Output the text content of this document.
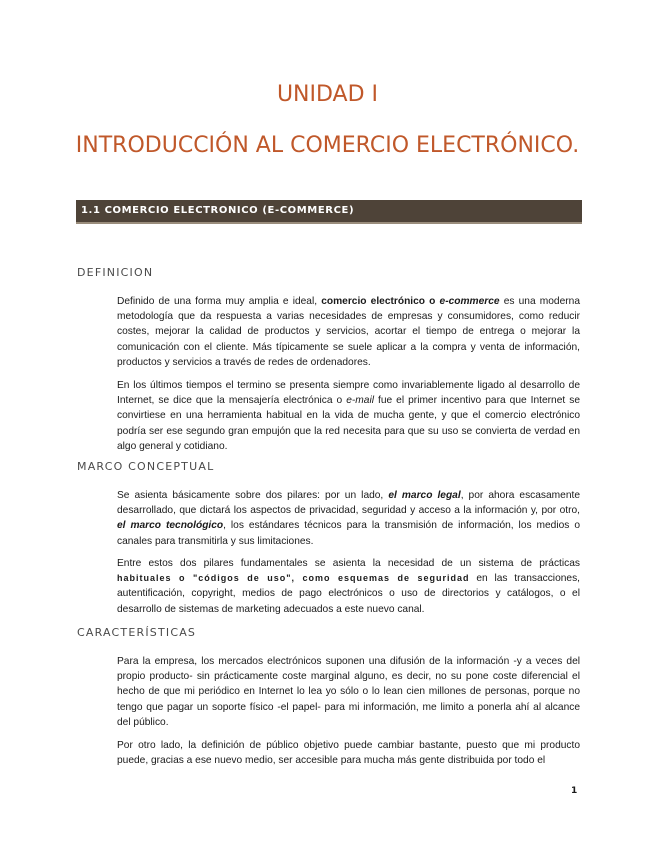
UNIDAD I
INTRODUCCIÓN AL COMERCIO ELECTRÓNICO.
1.1 COMERCIO ELECTRONICO (E-COMMERCE)
DEFINICION

Definido de una forma muy amplia e ideal, comercio electrónico o e-commerce es una moderna metodología que da respuesta a varias necesidades de empresas y consumidores, como reducir costes, mejorar la calidad de productos y servicios, acortar el tiempo de entrega o mejorar la comunicación con el cliente. Más típicamente se suele aplicar a la compra y venta de información, productos y servicios a través de redes de ordenadores.

En los últimos tiempos el termino se presenta siempre como invariablemente ligado al desarrollo de Internet, se dice que la mensajería electrónica o e-mail fue el primer incentivo para que Internet se convirtiese en una herramienta habitual en la vida de mucha gente, y que el comercio electrónico podría ser ese segundo gran empujón que la red necesita para que su uso se convierta de verdad en algo general y cotidiano.

MARCO CONCEPTUAL

Se asienta básicamente sobre dos pilares: por un lado, el marco legal, por ahora escasamente desarrollado, que dictará los aspectos de privacidad, seguridad y acceso a la información y, por otro, el marco tecnológico, los estándares técnicos para la transmisión de información, los medios o canales para transmitirla y sus limitaciones.

Entre estos dos pilares fundamentales se asienta la necesidad de un sistema de prácticas habituales o "códigos de uso", como esquemas de seguridad en las transacciones, autentificación, copyright, medios de pago electrónicos o uso de directorios y catálogos, o el desarrollo de sistemas de marketing adecuados a este nuevo canal.

CARACTERÍSTICAS

Para la empresa, los mercados electrónicos suponen una difusión de la información -y a veces del propio producto- sin prácticamente coste marginal alguno, es decir, no su pone coste diferencial el hecho de que mi periódico en Internet lo lea yo sólo o lo lean cien millones de personas, porque no tengo que pagar un soporte físico -el papel- para mi información, me limito a ponerla ahí al alcance del público.

Por otro lado, la definición de público objetivo puede cambiar bastante, puesto que mi producto puede, gracias a ese nuevo medio, ser accesible para mucha más gente distribuida por todo el

1
